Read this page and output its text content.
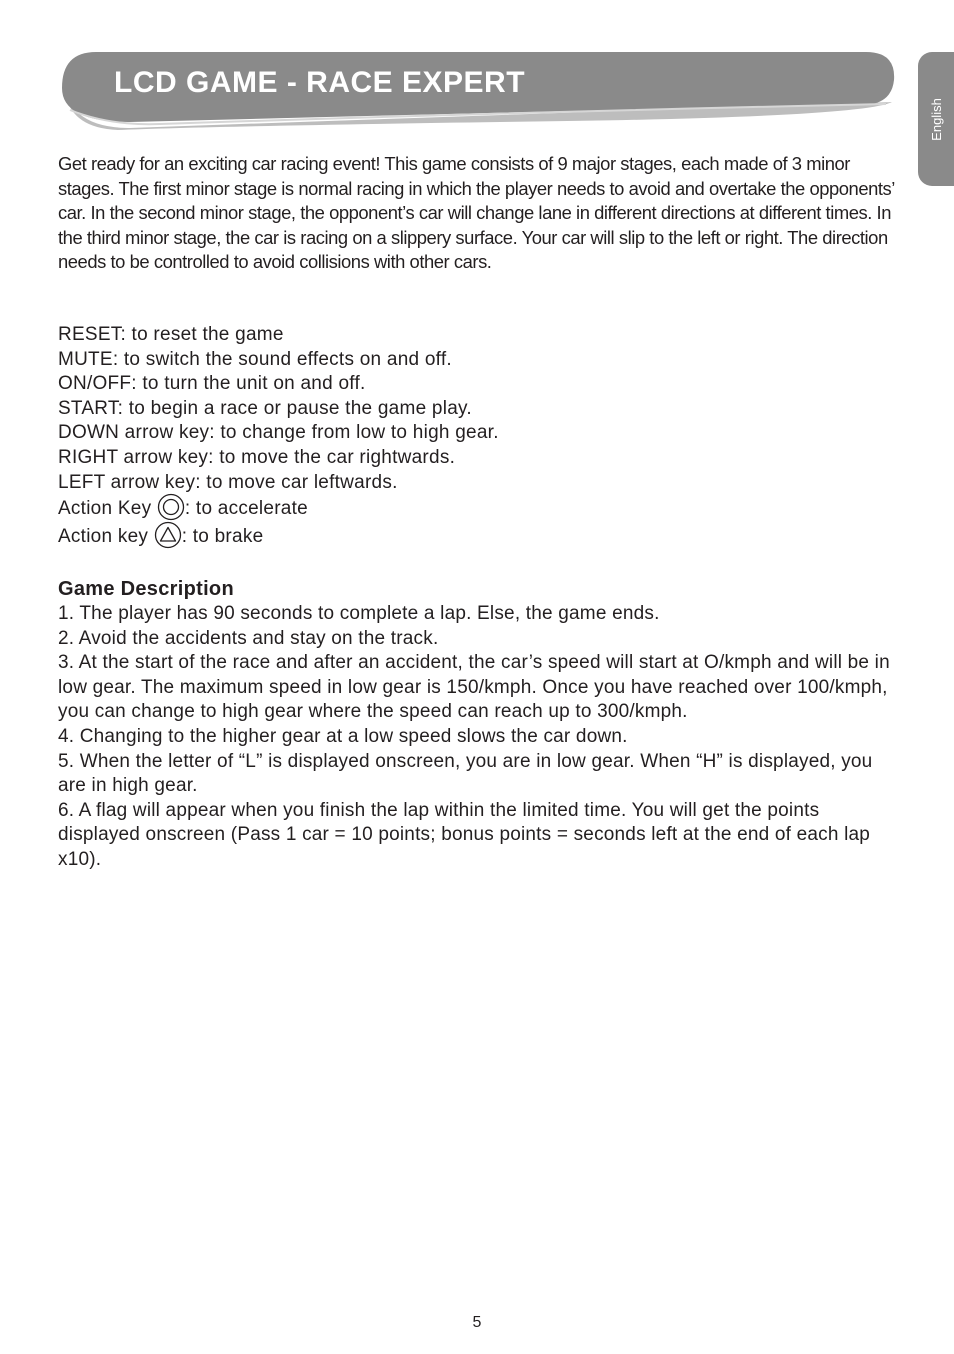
LCD GAME - RACE EXPERT
English

Get ready for an exciting car racing event! This game consists of 9 major stages, each made of 3 minor stages. The first minor stage is normal racing in which the player needs to avoid and overtake the opponents’ car. In the second minor stage, the opponent’s car will change lane in different directions at different times. In the third minor stage, the car is racing on a slippery surface. Your car will slip to the left or right. The direction needs to be controlled to avoid collisions with other cars.

RESET: to reset the game
MUTE: to switch the sound effects on and off.
ON/OFF: to turn the unit on and off.
START: to begin a race or pause the game play.
DOWN arrow key: to change from low to high gear.
RIGHT arrow key: to move the car rightwards.
LEFT arrow key: to move car leftwards.
Action Key : to accelerate
Action key : to brake
Game Description
1. The player has 90 seconds to complete a lap. Else, the game ends.
2. Avoid the accidents and stay on the track.
3. At the start of the race and after an accident, the car’s speed will start at O/kmph and will be in low gear. The maximum speed in low gear is 150/kmph. Once you have reached over 100/kmph, you can change to high gear where the speed can reach up to 300/kmph.
4. Changing to the higher gear at a low speed slows the car down.
5. When the letter of “L” is displayed onscreen, you are in low gear. When “H” is displayed, you are in high gear.
6. A flag will appear when you finish the lap within the limited time. You will get the points displayed onscreen (Pass 1 car = 10 points; bonus points = seconds left at the end of each lap x10).
5
